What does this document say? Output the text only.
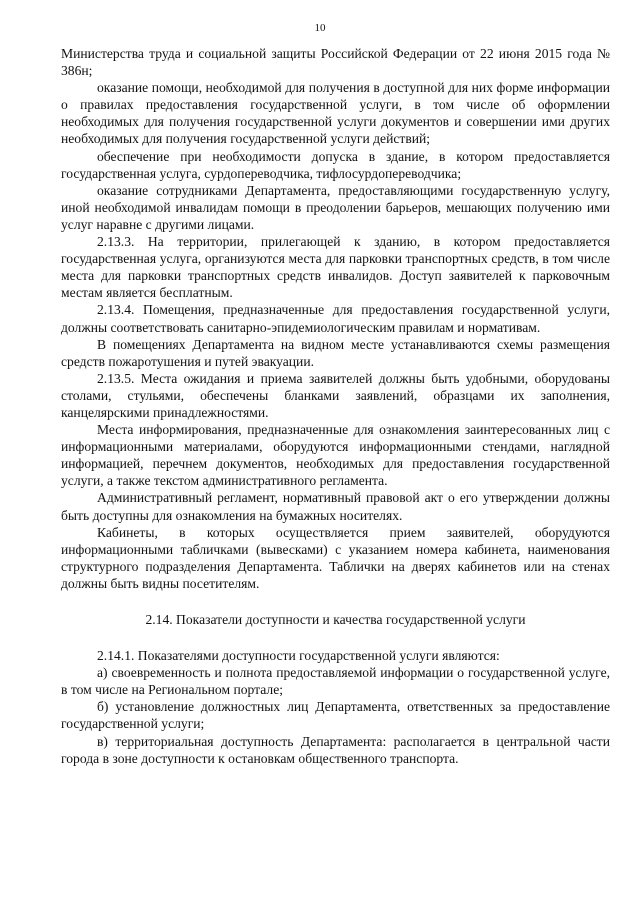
10

Министерства труда и социальной защиты Российской Федерации от 22 июня 2015 года № 386н;

оказание помощи, необходимой для получения в доступной для них форме информации о правилах предоставления государственной услуги, в том числе об оформлении необходимых для получения государственной услуги документов и совершении ими других необходимых для получения государственной услуги действий;

обеспечение при необходимости допуска в здание, в котором предоставляется государственная услуга, сурдопереводчика, тифлосурдопереводчика;

оказание сотрудниками Департамента, предоставляющими государственную услугу, иной необходимой инвалидам помощи в преодолении барьеров, мешающих получению ими услуг наравне с другими лицами.

2.13.3. На территории, прилегающей к зданию, в котором предоставляется государственная услуга, организуются места для парковки транспортных средств, в том числе места для парковки транспортных средств инвалидов. Доступ заявителей к парковочным местам является бесплатным.

2.13.4. Помещения, предназначенные для предоставления государственной услуги, должны соответствовать санитарно-эпидемиологическим правилам и нормативам.

В помещениях Департамента на видном месте устанавливаются схемы размещения средств пожаротушения и путей эвакуации.

2.13.5. Места ожидания и приема заявителей должны быть удобными, оборудованы столами, стульями, обеспечены бланками заявлений, образцами их заполнения, канцелярскими принадлежностями.

Места информирования, предназначенные для ознакомления заинтересованных лиц с информационными материалами, оборудуются информационными стендами, наглядной информацией, перечнем документов, необходимых для предоставления государственной услуги, а также текстом административного регламента.

Административный регламент, нормативный правовой акт о его утверждении должны быть доступны для ознакомления на бумажных носителях.

Кабинеты, в которых осуществляется прием заявителей, оборудуются информационными табличками (вывесками) с указанием номера кабинета, наименования структурного подразделения Департамента. Таблички на дверях кабинетов или на стенах должны быть видны посетителям.

2.14. Показатели доступности и качества государственной услуги

2.14.1. Показателями доступности государственной услуги являются:

а) своевременность и полнота предоставляемой информации о государственной услуге, в том числе на Региональном портале;

б) установление должностных лиц Департамента, ответственных за предоставление государственной услуги;

в) территориальная доступность Департамента: располагается в центральной части города в зоне доступности к остановкам общественного транспорта.
